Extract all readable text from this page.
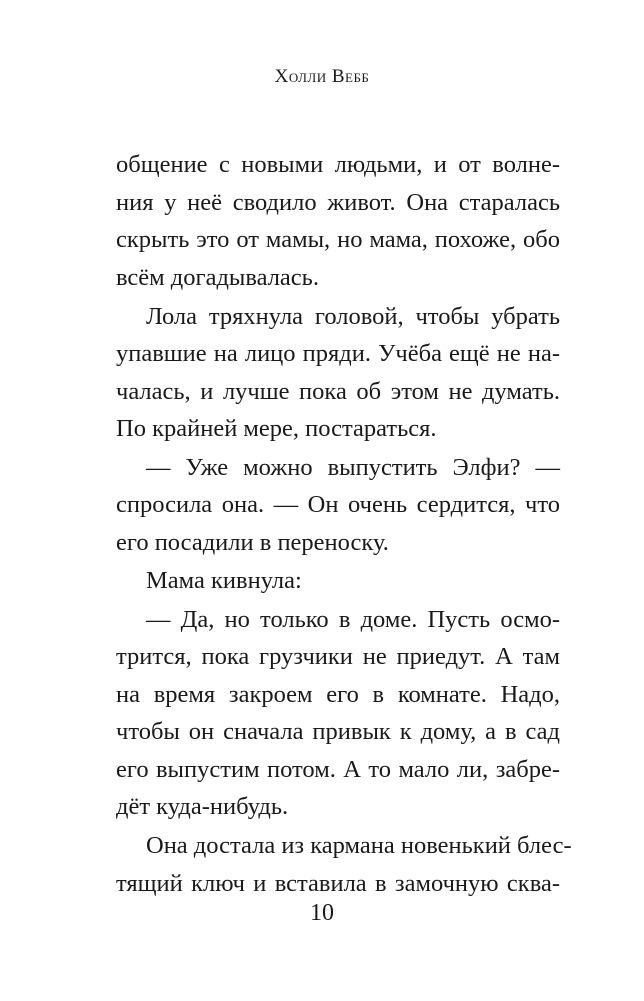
Холли Вебб
общение с новыми людьми, и от волне-
ния у неё сводило живот. Она старалась
скрыть это от мамы, но мама, похоже, обо
всём догадывалась.
Лола тряхнула головой, чтобы убрать
упавшие на лицо пряди. Учёба ещё не на-
чалась, и лучше пока об этом не думать.
По крайней мере, постараться.
— Уже можно выпустить Элфи? —
спросила она. — Он очень сердится, что
его посадили в переноску.
Мама кивнула:
— Да, но только в доме. Пусть осмо-
трится, пока грузчики не приедут. А там
на время закроем его в комнате. Надо,
чтобы он сначала привык к дому, а в сад
его выпустим потом. А то мало ли, забре-
дёт куда-нибудь.
Она достала из кармана новенький блес-
тящий ключ и вставила в замочную сква-
10
